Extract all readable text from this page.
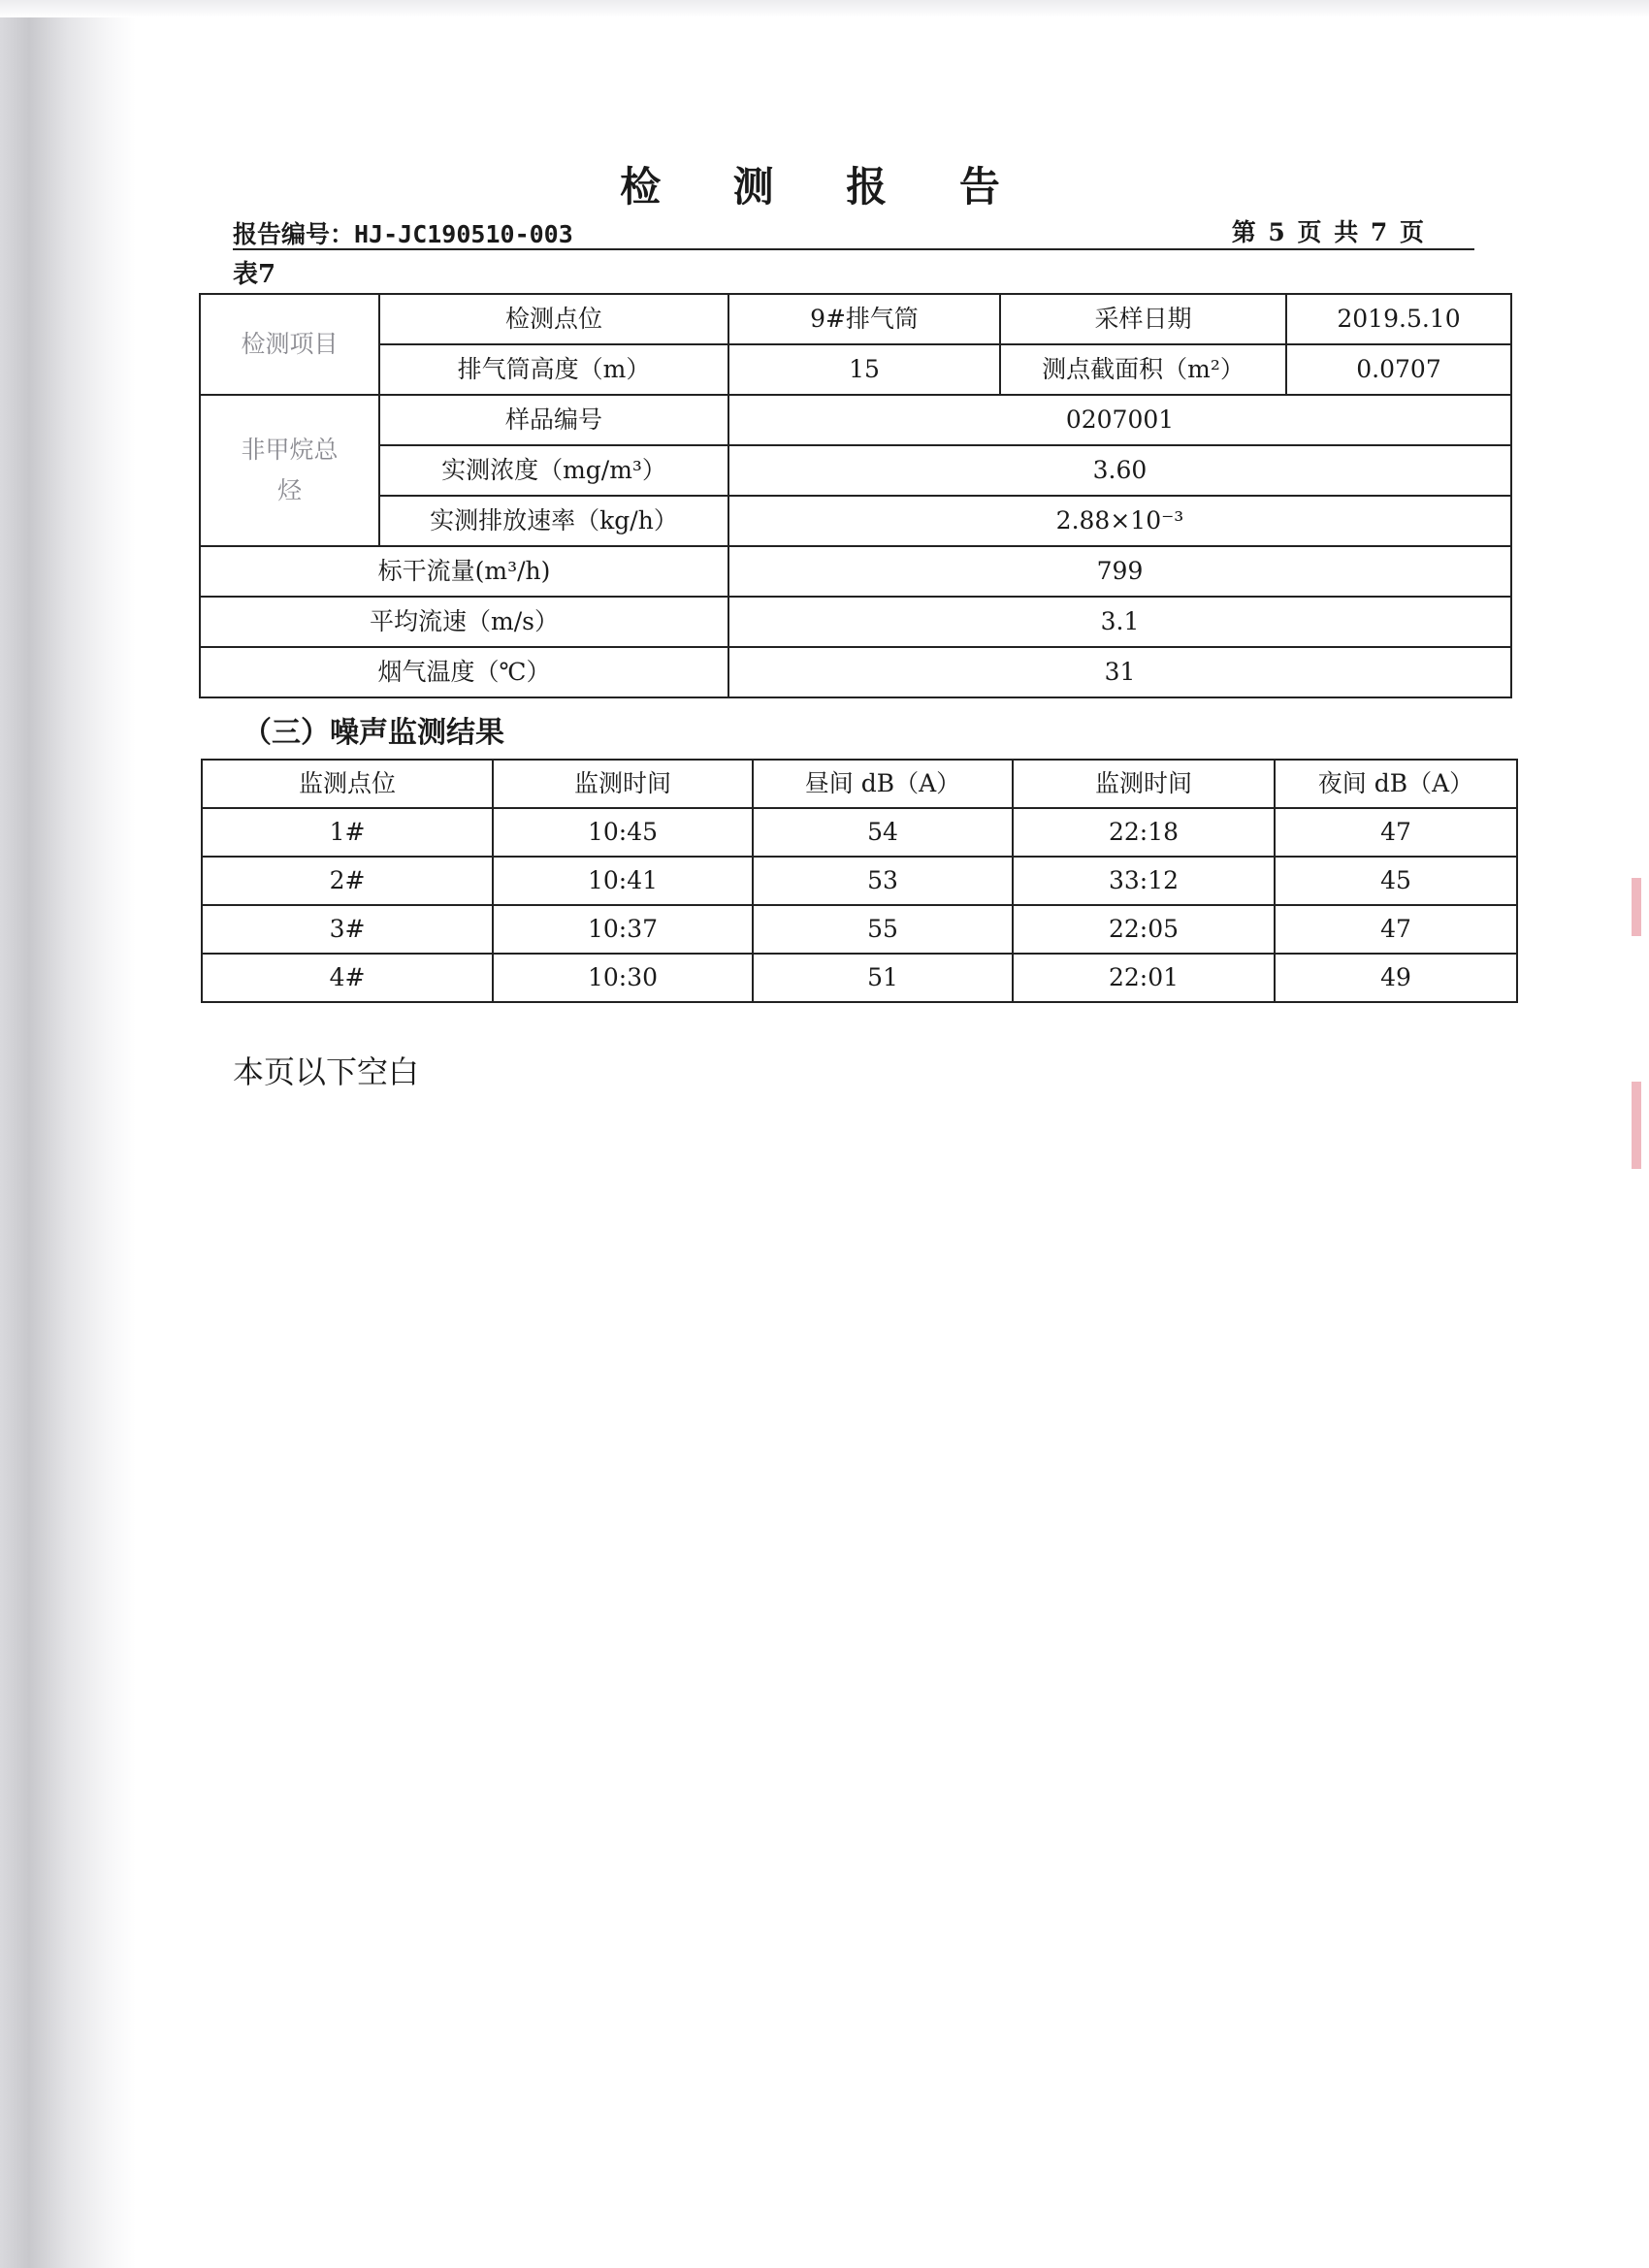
检 测 报 告
报告编号：HJ-JC190510-003	第 5 页 共 7 页
表7
检测项目	检测点位	9#排气筒	采样日期	2019.5.10
	排气筒高度（m）	15	测点截面积（m²）	0.0707

非甲烷总烃	样品编号	0207001		
	实测浓度（mg/m³）	3.60		
	实测排放速率（kg/h）	2.88×10⁻³		
标干流量(m³/h)		799		
平均流速（m/s）		3.1		
烟气温度（℃）		31		
（三）噪声监测结果
监测点位	监测时间	昼间 dB（A）	监测时间	夜间 dB（A）
1#	10:45	54	22:18	47
2#	10:41	53	33:12	45
3#	10:37	55	22:05	47
4#	10:30	51	22:01	49
本页以下空白
